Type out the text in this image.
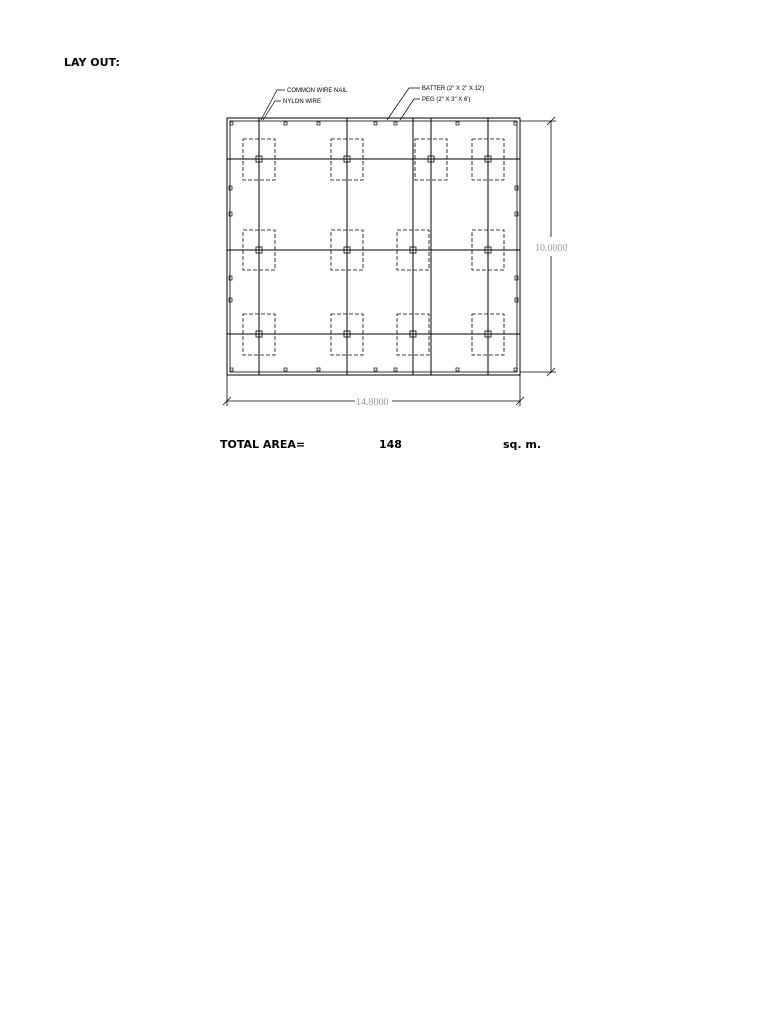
LAY OUT:
COMMON WIRE NAIL
NYLON WIRE
BATTER (2" X 2" X 12')
PEG (2" X 3" X 6')
10.0000
14.8000
TOTAL AREA=	148	sq. m.
